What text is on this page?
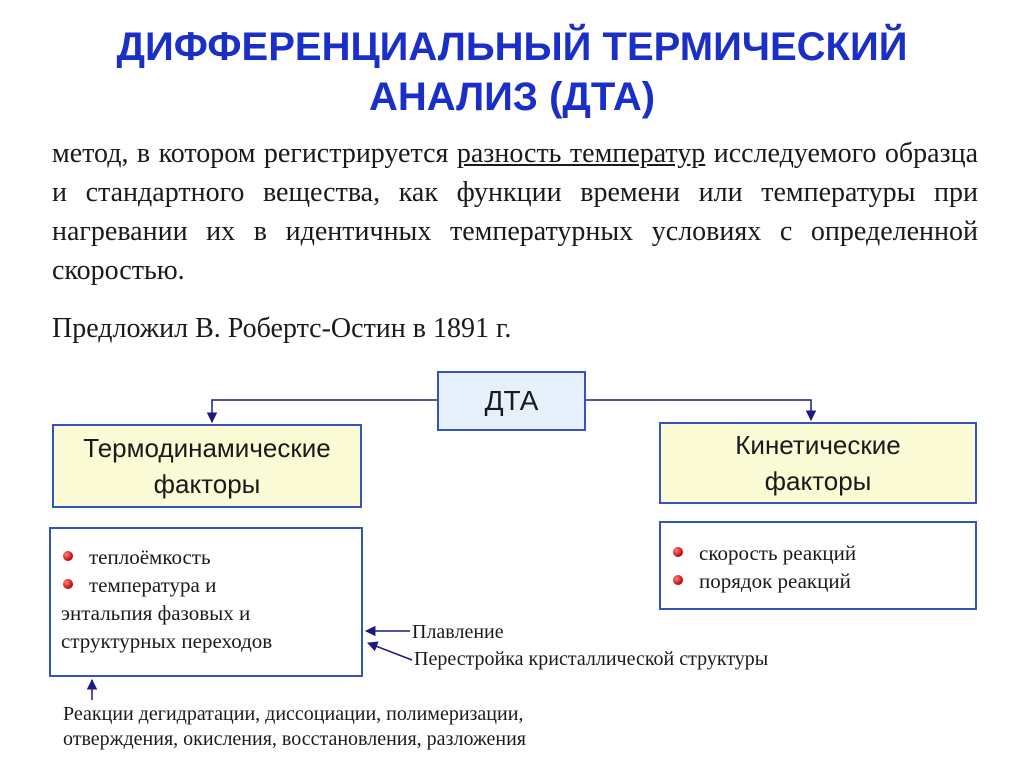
ДИФФЕРЕНЦИАЛЬНЫЙ ТЕРМИЧЕСКИЙ
АНАЛИЗ (ДТА)
метод, в котором регистрируется разность температур исследуемого образца и стандартного вещества, как функции времени или температуры при нагревании их в идентичных температурных условиях с определенной скоростью.
Предложил В. Робертс-Остин в 1891 г.
ДТА
Термодинамические
факторы
Кинетические
факторы
теплоёмкость
температура и
энтальпия фазовых и
структурных переходов
скорость реакций
порядок реакций
Плавление
Перестройка кристаллической структуры
Реакции дегидратации, диссоциации, полимеризации,
отверждения, окисления, восстановления, разложения
